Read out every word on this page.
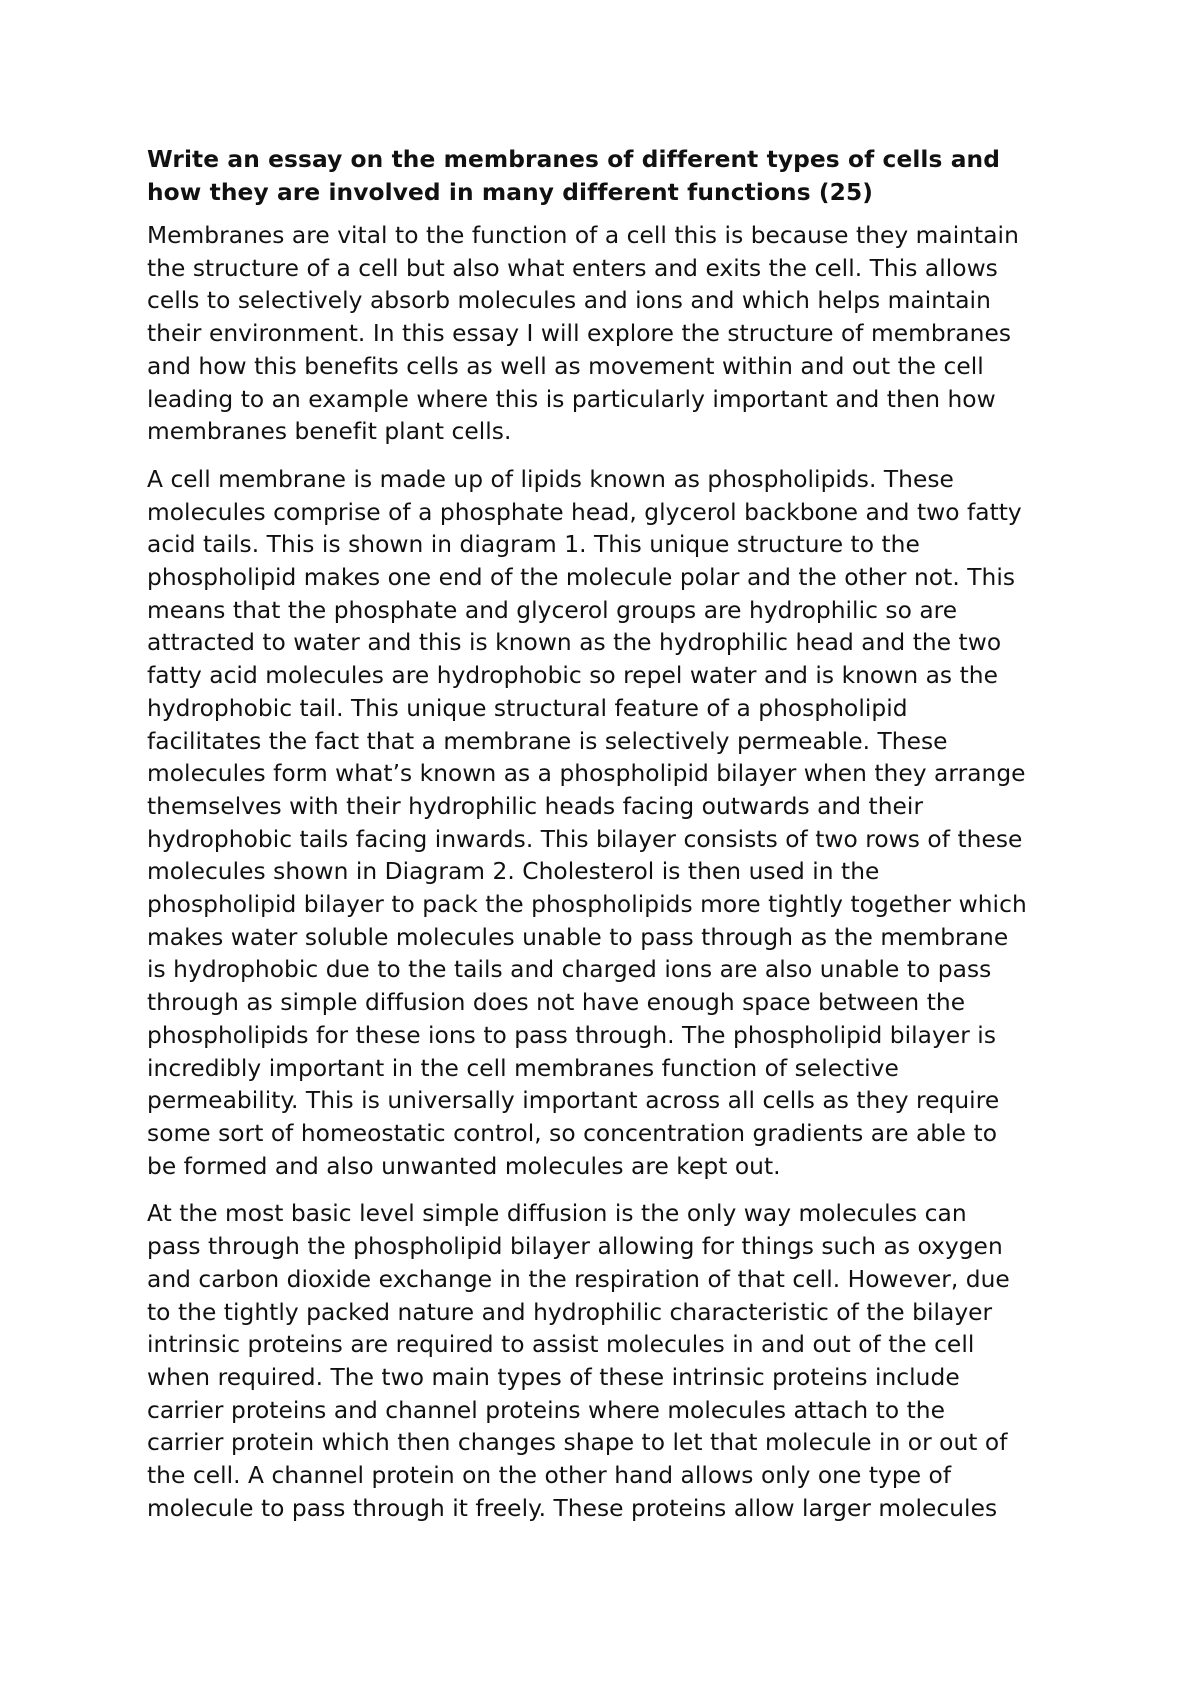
Write an essay on the membranes of different types of cells and
how they are involved in many different functions (25)

Membranes are vital to the function of a cell this is because they maintain
the structure of a cell but also what enters and exits the cell. This allows
cells to selectively absorb molecules and ions and which helps maintain
their environment. In this essay I will explore the structure of membranes
and how this benefits cells as well as movement within and out the cell
leading to an example where this is particularly important and then how
membranes benefit plant cells.

A cell membrane is made up of lipids known as phospholipids. These
molecules comprise of a phosphate head, glycerol backbone and two fatty
acid tails. This is shown in diagram 1. This unique structure to the
phospholipid makes one end of the molecule polar and the other not. This
means that the phosphate and glycerol groups are hydrophilic so are
attracted to water and this is known as the hydrophilic head and the two
fatty acid molecules are hydrophobic so repel water and is known as the
hydrophobic tail. This unique structural feature of a phospholipid
facilitates the fact that a membrane is selectively permeable. These
molecules form what’s known as a phospholipid bilayer when they arrange
themselves with their hydrophilic heads facing outwards and their
hydrophobic tails facing inwards. This bilayer consists of two rows of these
molecules shown in Diagram 2. Cholesterol is then used in the
phospholipid bilayer to pack the phospholipids more tightly together which
makes water soluble molecules unable to pass through as the membrane
is hydrophobic due to the tails and charged ions are also unable to pass
through as simple diffusion does not have enough space between the
phospholipids for these ions to pass through. The phospholipid bilayer is
incredibly important in the cell membranes function of selective
permeability. This is universally important across all cells as they require
some sort of homeostatic control, so concentration gradients are able to
be formed and also unwanted molecules are kept out.

At the most basic level simple diffusion is the only way molecules can
pass through the phospholipid bilayer allowing for things such as oxygen
and carbon dioxide exchange in the respiration of that cell. However, due
to the tightly packed nature and hydrophilic characteristic of the bilayer
intrinsic proteins are required to assist molecules in and out of the cell
when required. The two main types of these intrinsic proteins include
carrier proteins and channel proteins where molecules attach to the
carrier protein which then changes shape to let that molecule in or out of
the cell. A channel protein on the other hand allows only one type of
molecule to pass through it freely. These proteins allow larger molecules
